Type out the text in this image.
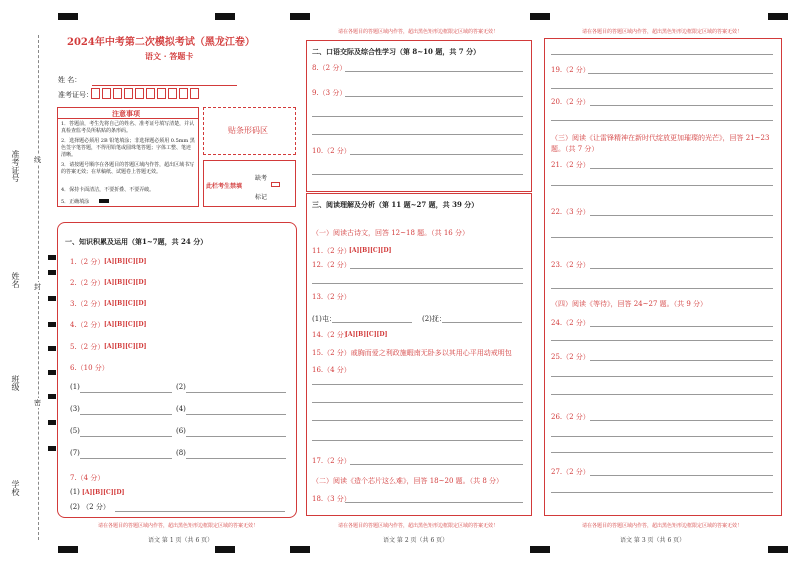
准考证号 线
姓名 封
班级
密
学校
2024年中考第二次模拟考试（黑龙江卷）
语文 · 答题卡
姓 名：
准考证号：
注意事项
1．答题前，考生先将自己的姓名、准考证号填写清楚，并认真检查监考员所粘贴的条形码。
2．选择题必须用 2B 铅笔填涂；非选择题必须用 0.5mm 黑色签字笔答题，不得用铅笔或圆珠笔答题；字体工整、笔迹清晰。
3．请按题号顺序在各题目的答题区域内作答，超出区域书写的答案无效；在草稿纸、试题卷上答题无效。
4．保持卡面清洁，不要折叠、不要弄破。
5．正确填涂
贴条形码区
此栏考生禁填
缺考
标记
一、知识积累及运用（第1~7题，共 24 分）
1.（2 分） [A][B][C][D]
2.（2 分） [A][B][C][D]
3.（2 分） [A][B][C][D]
4.（2 分） [A][B][C][D]
5.（2 分） [A][B][C][D]
6.（10 分）
(1)	(2)
(3)	(4)
(5)	(6)
(7)	(8)
7.（4 分）
(1) [A][B][C][D]
(2) （2 分）
请在各题目的答题区域内作答，超出黑色矩形边框限定区域的答案无效！
语文 第 1 页（共 6 页）
请在各题目的答题区域内作答，超出黑色矩形边框限定区域的答案无效！
二、口语交际及综合性学习（第 8~10 题，共 7 分）
8.（2 分）
9.（3 分）
10.（2 分）
三、阅读理解及分析（第 11 题~27 题，共 39 分）
（一）阅读古诗文，回答 12~18 题。（共 16 分）
11.（2 分）
[A][B][C][D]
12.（2 分）
13.（2 分）
(1)屯：	(2)抚：
14.（2 分）
[A][B][C][D]
15.（2 分）戚胸而爱之利政施暇南无卧多以其用心平用动戒明包
16.（4 分）
17.（2 分）
（二）阅读《造个芯片这么难》，回答 18~20 题。（共 8 分）
18.（3 分）
请在各题目的答题区域内作答，超出黑色矩形边框限定区域的答案无效！
语文 第 2 页（共 6 页）
请在各题目的答题区域内作答，超出黑色矩形边框限定区域的答案无效！
19.（2 分）
20.（2 分）
（三）阅读《让雷锋精神在新时代绽放更加璀璨的光芒》，回答 21~23 题。（共 7 分）
21.（2 分）
22.（3 分）
23.（2 分）
（四）阅读《等待》，回答 24~27 题。（共 9 分）
24.（2 分）
25.（2 分）
26.（2 分）
27.（2 分）
请在各题目的答题区域内作答，超出黑色矩形边框限定区域的答案无效！
语文 第 3 页（共 6 页）
